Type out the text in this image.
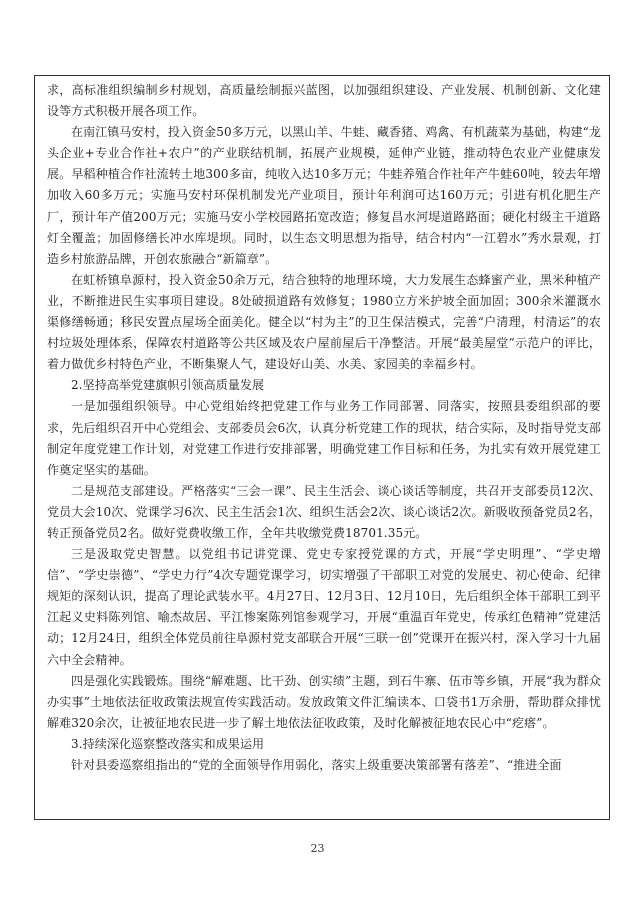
求，高标准组织编制乡村规划，高质量绘制振兴蓝图，以加强组织建设、产业发展、机制创新、文化建设等方式积极开展各项工作。

在南江镇马安村，投入资金50多万元，以黑山羊、牛蛙、藏香猪、鸡禽、有机蔬菜为基础，构建“龙头企业+专业合作社+农户”的产业联结机制，拓展产业规模，延伸产业链，推动特色农业产业健康发展。早稻种植合作社流转土地300多亩，纯收入达10多万元；牛蛙养殖合作社年产牛蛙60吨，较去年增加收入60多万元；实施马安村环保机制发光产业项目，预计年利润可达160万元；引进有机化肥生产厂，预计年产值200万元；实施马安小学校园路拓宽改造；修复昌水河堤道路路面；硬化村级主干道路灯全覆盖；加固修缮长冲水库堤坝。同时，以生态文明思想为指导，结合村内“一江碧水”秀水景观，打造乡村旅游品牌，开创农旅融合“新篇章”。

在虹桥镇阜源村，投入资金50余万元，结合独特的地理环境，大力发展生态蜂蜜产业，黑米种植产业，不断推进民生实事项目建设。8处破损道路有效修复；1980立方米护坡全面加固；300余米灌溉水渠修缮畅通；移民安置点屋场全面美化。健全以“村为主”的卫生保洁模式，完善“户清理，村清运”的农村垃圾处理体系，保障农村道路等公共区域及农户屋前屋后干净整洁。开展“最美屋堂”示范户的评比，着力做优乡村特色产业，不断集聚人气，建设好山美、水美、家园美的幸福乡村。

2.坚持高举党建旗帜引领高质量发展

一是加强组织领导。中心党组始终把党建工作与业务工作同部署、同落实，按照县委组织部的要求，先后组织召开中心党组会、支部委员会6次，认真分析党建工作的现状，结合实际，及时指导党支部制定年度党建工作计划，对党建工作进行安排部署，明确党建工作目标和任务，为扎实有效开展党建工作奠定坚实的基础。

二是规范支部建设。严格落实“三会一课”、民主生活会、谈心谈话等制度，共召开支部委员12次、党员大会10次、党课学习6次、民主生活会1次、组织生活会2次、谈心谈话2次。新吸收预备党员2名，转正预备党员2名。做好党费收缴工作，全年共收缴党费18701.35元。

三是汲取党史智慧。以党组书记讲党课、党史专家授党课的方式，开展“学史明理”、“学史增信”、“学史崇德”、“学史力行”4次专题党课学习，切实增强了干部职工对党的发展史、初心使命、纪律规矩的深刻认识，提高了理论武装水平。4月27日、12月3日、12月10日，先后组织全体干部职工到平江起义史料陈列馆、喻杰故居、平江惨案陈列馆参观学习，开展“重温百年党史，传承红色精神”党建活动；12月24日，组织全体党员前往阜源村党支部联合开展“三联一创”党课开在振兴村，深入学习十九届六中全会精神。

四是强化实践锻炼。围绕“解难题、比干劲、创实绩”主题，到石牛寨、伍市等乡镇，开展“我为群众办实事”土地依法征收政策法规宣传实践活动。发放政策文件汇编读本、口袋书1万余册，帮助群众排忧解难320余次，让被征地农民进一步了解土地依法征收政策，及时化解被征地农民心中“疙瘩”。

3.持续深化巡察整改落实和成果运用

针对县委巡察组指出的“党的全面领导作用弱化，落实上级重要决策部署有落差”、“推进全面

23
